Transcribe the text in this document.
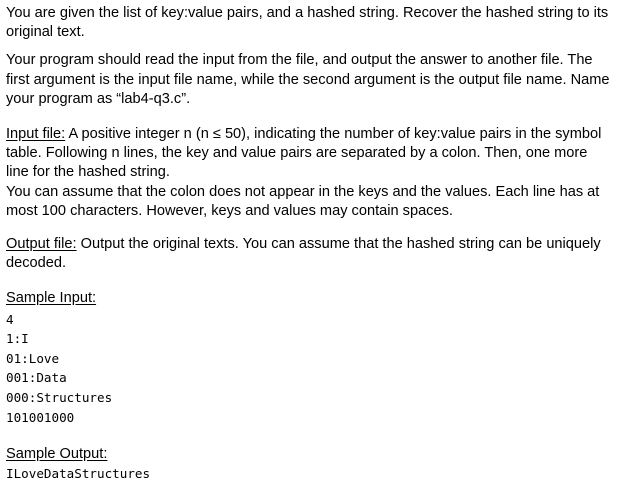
You are given the list of key:value pairs, and a hashed string. Recover the hashed string to its original text.

Your program should read the input from the file, and output the answer to another file. The first argument is the input file name, while the second argument is the output file name. Name your program as “lab4-q3.c”.

Input file: A positive integer n (n ≤ 50), indicating the number of key:value pairs in the symbol table. Following n lines, the key and value pairs are separated by a colon. Then, one more line for the hashed string.

You can assume that the colon does not appear in the keys and the values. Each line has at most 100 characters. However, keys and values may contain spaces.

Output file: Output the original texts. You can assume that the hashed string can be uniquely decoded.

Sample Input:

4

1:I

01:Love

001:Data

000:Structures

101001000

Sample Output:

ILoveDataStructures
